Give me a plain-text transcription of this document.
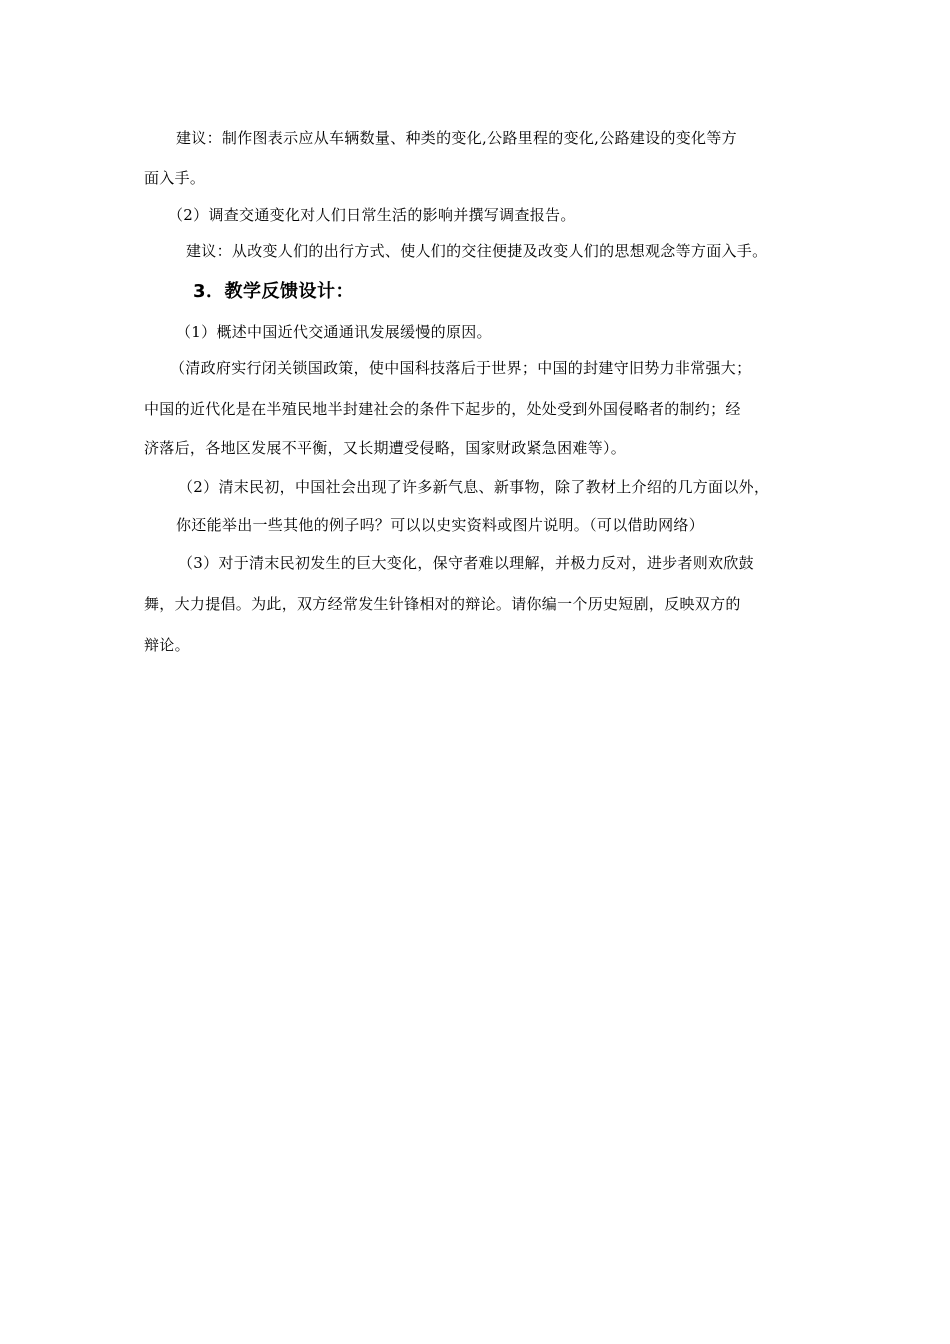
建议：制作图表示应从车辆数量、种类的变化,公路里程的变化,公路建设的变化等方
面入手。
（2）调查交通变化对人们日常生活的影响并撰写调查报告。
建议：从改变人们的出行方式、使人们的交往便捷及改变人们的思想观念等方面入手。
3．教学反馈设计：
（1）概述中国近代交通通讯发展缓慢的原因。
（清政府实行闭关锁国政策，使中国科技落后于世界；中国的封建守旧势力非常强大；
中国的近代化是在半殖民地半封建社会的条件下起步的，处处受到外国侵略者的制约；经
济落后，各地区发展不平衡，又长期遭受侵略，国家财政紧急困难等）。
（2）清末民初，中国社会出现了许多新气息、新事物，除了教材上介绍的几方面以外，
你还能举出一些其他的例子吗？可以以史实资料或图片说明。（可以借助网络）
（3）对于清末民初发生的巨大变化，保守者难以理解，并极力反对，进步者则欢欣鼓
舞，大力提倡。为此，双方经常发生针锋相对的辩论。请你编一个历史短剧，反映双方的
辩论。
